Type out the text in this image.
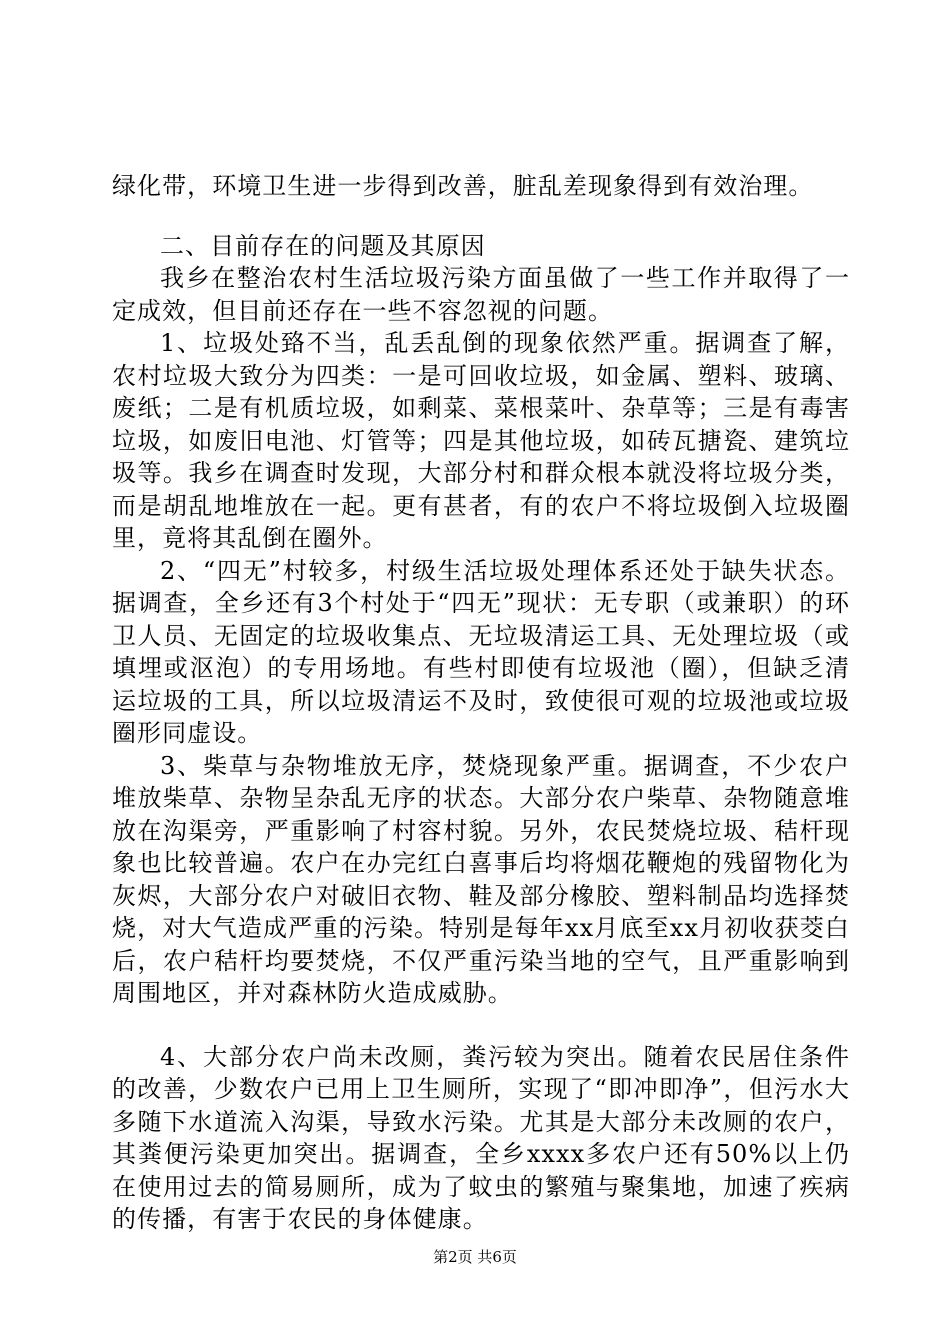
绿化带，环境卫生进一步得到改善，脏乱差现象得到有效治理。

二、目前存在的问题及其原因

我乡在整治农村生活垃圾污染方面虽做了一些工作并取得了一定成效，但目前还存在一些不容忽视的问题。

1、垃圾处臵不当，乱丢乱倒的现象依然严重。据调查了解，农村垃圾大致分为四类：一是可回收垃圾，如金属、塑料、玻璃、废纸；二是有机质垃圾，如剩菜、菜根菜叶、杂草等；三是有毒害垃圾，如废旧电池、灯管等；四是其他垃圾，如砖瓦搪瓷、建筑垃圾等。我乡在调查时发现，大部分村和群众根本就没将垃圾分类，而是胡乱地堆放在一起。更有甚者，有的农户不将垃圾倒入垃圾圈里，竟将其乱倒在圈外。

2、“四无”村较多，村级生活垃圾处理体系还处于缺失状态。据调查，全乡还有3个村处于“四无”现状：无专职（或兼职）的环卫人员、无固定的垃圾收集点、无垃圾清运工具、无处理垃圾（或填埋或沤泡）的专用场地。有些村即使有垃圾池（圈），但缺乏清运垃圾的工具，所以垃圾清运不及时，致使很可观的垃圾池或垃圾圈形同虚设。

3、柴草与杂物堆放无序，焚烧现象严重。据调查，不少农户堆放柴草、杂物呈杂乱无序的状态。大部分农户柴草、杂物随意堆放在沟渠旁，严重影响了村容村貌。另外，农民焚烧垃圾、秸杆现象也比较普遍。农户在办完红白喜事后均将烟花鞭炮的残留物化为灰烬，大部分农户对破旧衣物、鞋及部分橡胶、塑料制品均选择焚烧，对大气造成严重的污染。特别是每年xx月底至xx月初收获茭白后，农户秸杆均要焚烧，不仅严重污染当地的空气，且严重影响到周围地区，并对森林防火造成威胁。

4、大部分农户尚未改厕，粪污较为突出。随着农民居住条件的改善，少数农户已用上卫生厕所，实现了“即冲即净”，但污水大多随下水道流入沟渠，导致水污染。尤其是大部分未改厕的农户，其粪便污染更加突出。据调查，全乡xxxx多农户还有50%以上仍在使用过去的简易厕所，成为了蚊虫的繁殖与聚集地，加速了疾病的传播，有害于农民的身体健康。

第2页 共6页
